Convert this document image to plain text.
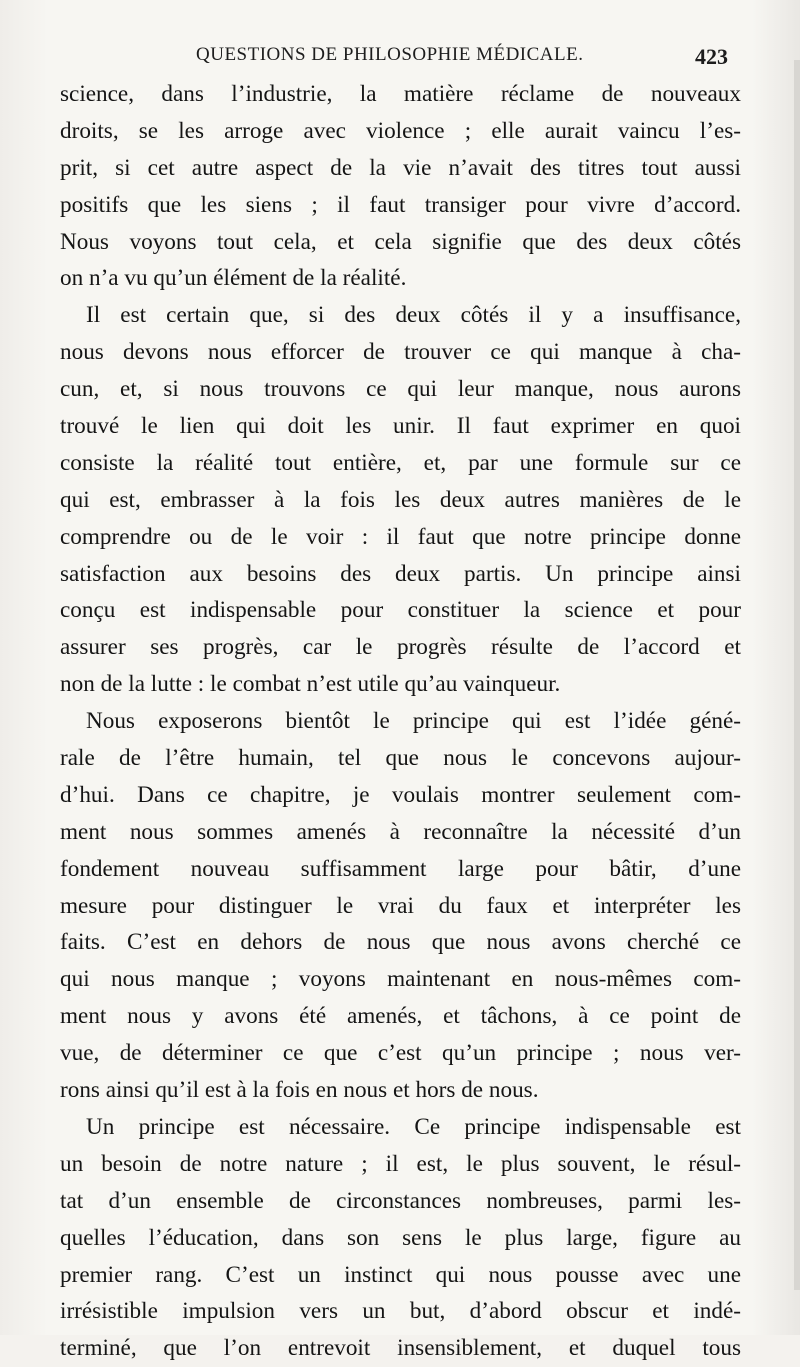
QUESTIONS DE PHILOSOPHIE MÉDICALE.	423
science, dans l’industrie, la matière réclame de nouveaux
droits, se les arroge avec violence ; elle aurait vaincu l’es-
prit, si cet autre aspect de la vie n’avait des titres tout aussi
positifs que les siens ; il faut transiger pour vivre d’accord.
Nous voyons tout cela, et cela signifie que des deux côtés
on n’a vu qu’un élément de la réalité.
Il est certain que, si des deux côtés il y a insuffisance,
nous devons nous efforcer de trouver ce qui manque à cha-
cun, et, si nous trouvons ce qui leur manque, nous aurons
trouvé le lien qui doit les unir. Il faut exprimer en quoi
consiste la réalité tout entière, et, par une formule sur ce
qui est, embrasser à la fois les deux autres manières de le
comprendre ou de le voir : il faut que notre principe donne
satisfaction aux besoins des deux partis. Un principe ainsi
conçu est indispensable pour constituer la science et pour
assurer ses progrès, car le progrès résulte de l’accord et
non de la lutte : le combat n’est utile qu’au vainqueur.
Nous exposerons bientôt le principe qui est l’idée géné-
rale de l’être humain, tel que nous le concevons aujour-
d’hui. Dans ce chapitre, je voulais montrer seulement com-
ment nous sommes amenés à reconnaître la nécessité d’un
fondement nouveau suffisamment large pour bâtir, d’une
mesure pour distinguer le vrai du faux et interpréter les
faits. C’est en dehors de nous que nous avons cherché ce
qui nous manque ; voyons maintenant en nous-mêmes com-
ment nous y avons été amenés, et tâchons, à ce point de
vue, de déterminer ce que c’est qu’un principe ; nous ver-
rons ainsi qu’il est à la fois en nous et hors de nous.
Un principe est nécessaire. Ce principe indispensable est
un besoin de notre nature ; il est, le plus souvent, le résul-
tat d’un ensemble de circonstances nombreuses, parmi les-
quelles l’éducation, dans son sens le plus large, figure au
premier rang. C’est un instinct qui nous pousse avec une
irrésistible impulsion vers un but, d’abord obscur et indé-
terminé, que l’on entrevoit insensiblement, et duquel tous
